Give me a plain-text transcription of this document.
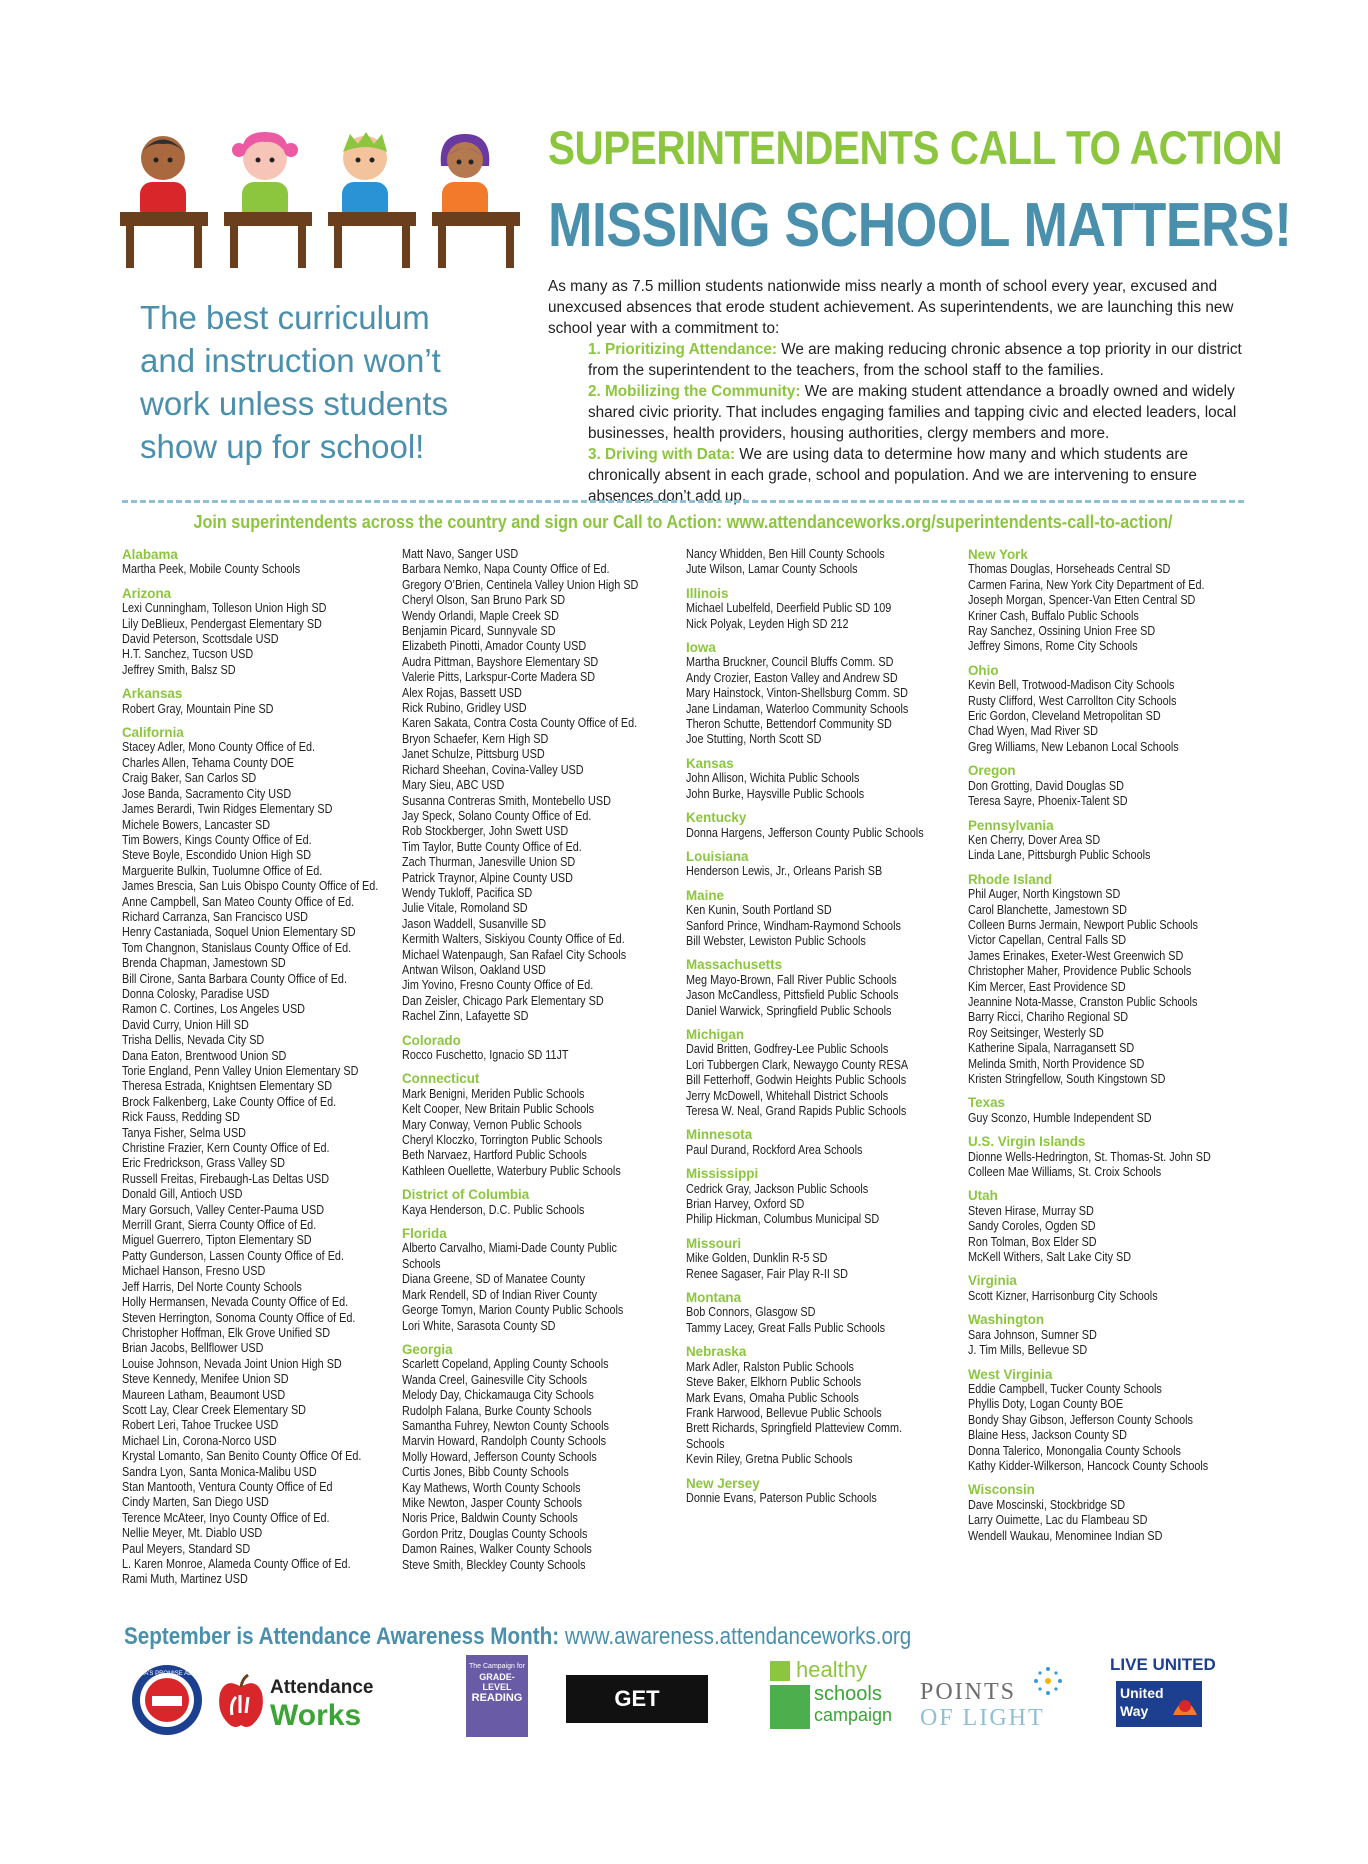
SUPERINTENDENTS CALL TO ACTION
MISSING SCHOOL MATTERS!
The best curriculum and instruction won’t work unless students show up for school!

As many as 7.5 million students nationwide miss nearly a month of school every year, excused and unexcused absences that erode student achievement. As superintendents, we are launching this new school year with a commitment to:

1. Prioritizing Attendance: We are making reducing chronic absence a top priority in our district from the superintendent to the teachers, from the school staff to the families.
2. Mobilizing the Community: We are making student attendance a broadly owned and widely shared civic priority. That includes engaging families and tapping civic and elected leaders, local businesses, health providers, housing authorities, clergy members and more.
3. Driving with Data: We are using data to determine how many and which students are chronically absent in each grade, school and population. And we are intervening to ensure absences don’t add up.
Join superintendents across the country and sign our Call to Action: www.attendanceworks.org/superintendents-call-to-action/
Alabama
Martha Peek, Mobile County Schools
Arizona
Lexi Cunningham, Tolleson Union High SD
Lily DeBlieux, Pendergast Elementary SD
David Peterson, Scottsdale USD
H.T. Sanchez, Tucson USD
Jeffrey Smith, Balsz SD
Arkansas
Robert Gray, Mountain Pine SD
California
Stacey Adler, Mono County Office of Ed.
Charles Allen, Tehama County DOE
Craig Baker, San Carlos SD
Jose Banda, Sacramento City USD
James Berardi, Twin Ridges Elementary SD
Michele Bowers, Lancaster SD
Tim Bowers, Kings County Office of Ed.
Steve Boyle, Escondido Union High SD
Marguerite Bulkin, Tuolumne Office of Ed.
James Brescia, San Luis Obispo County Office of Ed.
Anne Campbell, San Mateo County Office of Ed.
Richard Carranza, San Francisco USD
Henry Castaniada, Soquel Union Elementary SD
Tom Changnon, Stanislaus County Office of Ed.
Brenda Chapman, Jamestown SD
Bill Cirone, Santa Barbara County Office of Ed.
Donna Colosky, Paradise USD
Ramon C. Cortines, Los Angeles USD
David Curry, Union Hill SD
Trisha Dellis, Nevada City SD
Dana Eaton, Brentwood Union SD
Torie England, Penn Valley Union Elementary SD
Theresa Estrada, Knightsen Elementary SD
Brock Falkenberg, Lake County Office of Ed.
Rick Fauss, Redding SD
Tanya Fisher, Selma USD
Christine Frazier, Kern County Office of Ed.
Eric Fredrickson, Grass Valley SD
Russell Freitas, Firebaugh-Las Deltas USD
Donald Gill, Antioch USD
Mary Gorsuch, Valley Center-Pauma USD
Merrill Grant, Sierra County Office of Ed.
Miguel Guerrero, Tipton Elementary SD
Patty Gunderson, Lassen County Office of Ed.
Michael Hanson, Fresno USD
Jeff Harris, Del Norte County Schools
Holly Hermansen, Nevada County Office of Ed.
Steven Herrington, Sonoma County Office of Ed.
Christopher Hoffman, Elk Grove Unified SD
Brian Jacobs, Bellflower USD
Louise Johnson, Nevada Joint Union High SD
Steve Kennedy, Menifee Union SD
Maureen Latham, Beaumont USD
Scott Lay, Clear Creek Elementary SD
Robert Leri, Tahoe Truckee USD
Michael Lin, Corona-Norco USD
Krystal Lomanto, San Benito County Office Of Ed.
Sandra Lyon, Santa Monica-Malibu USD
Stan Mantooth, Ventura County Office of Ed
Cindy Marten, San Diego USD
Terence McAteer, Inyo County Office of Ed.
Nellie Meyer, Mt. Diablo USD
Paul Meyers, Standard SD
L. Karen Monroe, Alameda County Office of Ed.
Rami Muth, Martinez USD
Matt Navo, Sanger USD
Barbara Nemko, Napa County Office of Ed.
Gregory O’Brien, Centinela Valley Union High SD
Cheryl Olson, San Bruno Park SD
Wendy Orlandi, Maple Creek SD
Benjamin Picard, Sunnyvale SD
Elizabeth Pinotti, Amador County USD
Audra Pittman, Bayshore Elementary SD
Valerie Pitts, Larkspur-Corte Madera SD
Alex Rojas, Bassett USD
Rick Rubino, Gridley USD
Karen Sakata, Contra Costa County Office of Ed.
Bryon Schaefer, Kern High SD
Janet Schulze, Pittsburg USD
Richard Sheehan, Covina-Valley USD
Mary Sieu, ABC USD
Susanna Contreras Smith, Montebello USD
Jay Speck, Solano County Office of Ed.
Rob Stockberger, John Swett USD
Tim Taylor, Butte County Office of Ed.
Zach Thurman, Janesville Union SD
Patrick Traynor, Alpine County USD
Wendy Tukloff, Pacifica SD
Julie Vitale, Romoland SD
Jason Waddell, Susanville SD
Kermith Walters, Siskiyou County Office of Ed.
Michael Watenpaugh, San Rafael City Schools
Antwan Wilson, Oakland USD
Jim Yovino, Fresno County Office of Ed.
Dan Zeisler, Chicago Park Elementary SD
Rachel Zinn, Lafayette SD
Colorado
Rocco Fuschetto, Ignacio SD 11JT
Connecticut
Mark Benigni, Meriden Public Schools
Kelt Cooper, New Britain Public Schools
Mary Conway, Vernon Public Schools
Cheryl Kloczko, Torrington Public Schools
Beth Narvaez, Hartford Public Schools
Kathleen Ouellette, Waterbury Public Schools
District of Columbia
Kaya Henderson, D.C. Public Schools
Florida
Alberto Carvalho, Miami-Dade County Public
Schools
Diana Greene, SD of Manatee County
Mark Rendell, SD of Indian River County
George Tomyn, Marion County Public Schools
Lori White, Sarasota County SD
Georgia
Scarlett Copeland, Appling County Schools
Wanda Creel, Gainesville City Schools
Melody Day, Chickamauga City Schools
Rudolph Falana, Burke County Schools
Samantha Fuhrey, Newton County Schools
Marvin Howard, Randolph County Schools
Molly Howard, Jefferson County Schools
Curtis Jones, Bibb County Schools
Kay Mathews, Worth County Schools
Mike Newton, Jasper County Schools
Noris Price, Baldwin County Schools
Gordon Pritz, Douglas County Schools
Damon Raines, Walker County Schools
Steve Smith, Bleckley County Schools
Nancy Whidden, Ben Hill County Schools
Jute Wilson, Lamar County Schools
Illinois
Michael Lubelfeld, Deerfield Public SD 109
Nick Polyak, Leyden High SD 212
Iowa
Martha Bruckner, Council Bluffs Comm. SD
Andy Crozier, Easton Valley and Andrew SD
Mary Hainstock, Vinton-Shellsburg Comm. SD
Jane Lindaman, Waterloo Community Schools
Theron Schutte, Bettendorf Community SD
Joe Stutting, North Scott SD
Kansas
John Allison, Wichita Public Schools
John Burke, Haysville Public Schools
Kentucky
Donna Hargens, Jefferson County Public Schools
Louisiana
Henderson Lewis, Jr., Orleans Parish SB
Maine
Ken Kunin, South Portland SD
Sanford Prince, Windham-Raymond Schools
Bill Webster, Lewiston Public Schools
Massachusetts
Meg Mayo-Brown, Fall River Public Schools
Jason McCandless, Pittsfield Public Schools
Daniel Warwick, Springfield Public Schools
Michigan
David Britten, Godfrey-Lee Public Schools
Lori Tubbergen Clark, Newaygo County RESA
Bill Fetterhoff, Godwin Heights Public Schools
Jerry McDowell, Whitehall District Schools
Teresa W. Neal, Grand Rapids Public Schools
Minnesota
Paul Durand, Rockford Area Schools
Mississippi
Cedrick Gray, Jackson Public Schools
Brian Harvey, Oxford SD
Philip Hickman, Columbus Municipal SD
Missouri
Mike Golden, Dunklin R-5 SD
Renee Sagaser, Fair Play R-II SD
Montana
Bob Connors, Glasgow SD
Tammy Lacey, Great Falls Public Schools
Nebraska
Mark Adler, Ralston Public Schools
Steve Baker, Elkhorn Public Schools
Mark Evans, Omaha Public Schools
Frank Harwood, Bellevue Public Schools
Brett Richards, Springfield Platteview Comm.
Schools
Kevin Riley, Gretna Public Schools
New Jersey
Donnie Evans, Paterson Public Schools
New York
Thomas Douglas, Horseheads Central SD
Carmen Farina, New York City Department of Ed.
Joseph Morgan, Spencer-Van Etten Central SD
Kriner Cash, Buffalo Public Schools
Ray Sanchez, Ossining Union Free SD
Jeffrey Simons, Rome City Schools
Ohio
Kevin Bell, Trotwood-Madison City Schools
Rusty Clifford, West Carrollton City Schools
Eric Gordon, Cleveland Metropolitan SD
Chad Wyen, Mad River SD
Greg Williams, New Lebanon Local Schools
Oregon
Don Grotting, David Douglas SD
Teresa Sayre, Phoenix-Talent SD
Pennsylvania
Ken Cherry, Dover Area SD
Linda Lane, Pittsburgh Public Schools
Rhode Island
Phil Auger, North Kingstown SD
Carol Blanchette, Jamestown SD
Colleen Burns Jermain, Newport Public Schools
Victor Capellan, Central Falls SD
James Erinakes, Exeter-West Greenwich SD
Christopher Maher, Providence Public Schools
Kim Mercer, East Providence SD
Jeannine Nota-Masse, Cranston Public Schools
Barry Ricci, Chariho Regional SD
Roy Seitsinger, Westerly SD
Katherine Sipala, Narragansett SD
Melinda Smith, North Providence SD
Kristen Stringfellow, South Kingstown SD
Texas
Guy Sconzo, Humble Independent SD
U.S. Virgin Islands
Dionne Wells-Hedrington, St. Thomas-St. John SD
Colleen Mae Williams, St. Croix Schools
Utah
Steven Hirase, Murray SD
Sandy Coroles, Ogden SD
Ron Tolman, Box Elder SD
McKell Withers, Salt Lake City SD
Virginia
Scott Kizner, Harrisonburg City Schools
Washington
Sara Johnson, Sumner SD
J. Tim Mills, Bellevue SD
West Virginia
Eddie Campbell, Tucker County Schools
Phyllis Doty, Logan County BOE
Bondy Shay Gibson, Jefferson County Schools
Blaine Hess, Jackson County SD
Donna Talerico, Monongalia County Schools
Kathy Kidder-Wilkerson, Hancock County Schools
Wisconsin
Dave Moscinski, Stockbridge SD
Larry Ouimette, Lac du Flambeau SD
Wendell Waukau, Menominee Indian SD
September is Attendance Awareness Month: www.awareness.attendanceworks.org
AMERICA'S PROMISE ALLIANCE
Attendance
Works
The Campaign for
GRADE-LEVEL
READING	GET SCHOOLED
healthy
schools
campaign
POINTS
OF LIGHT
LIVE UNITED
United
Way
